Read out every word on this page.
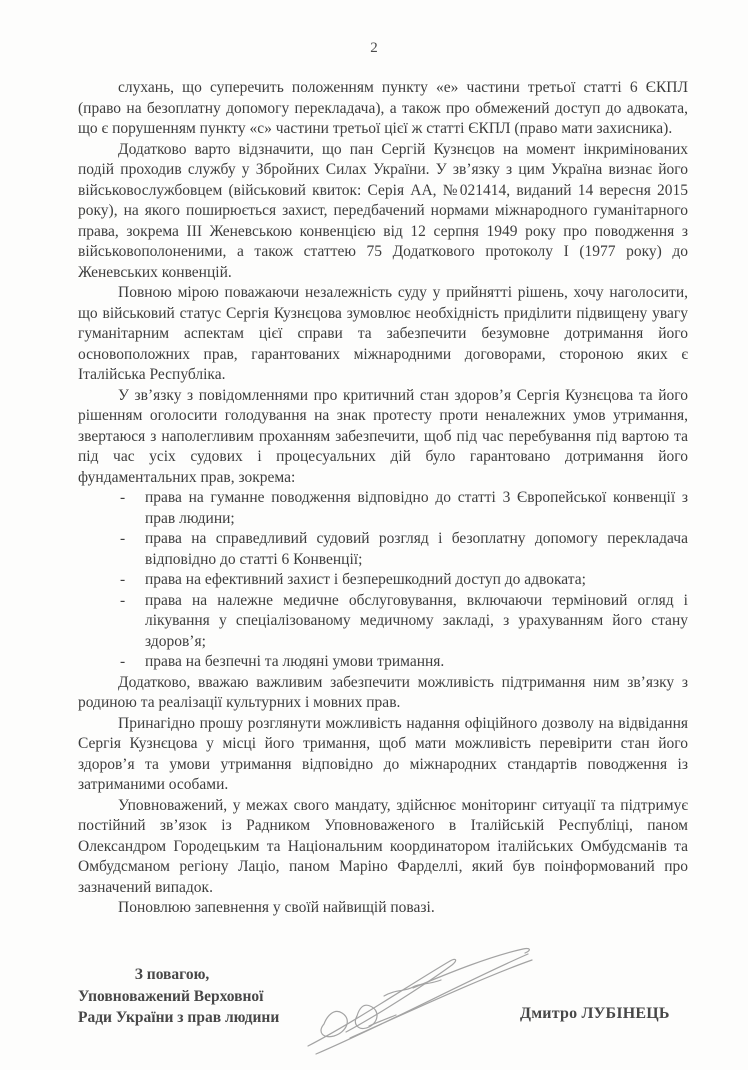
2

слухань, що суперечить положенням пункту «е» частини третьої статті 6 ЄКПЛ (право на безоплатну допомогу перекладача), а також про обмежений доступ до адвоката, що є порушенням пункту «с» частини третьої цієї ж статті ЄКПЛ (право мати захисника).

Додатково варто відзначити, що пан Сергій Кузнєцов на момент інкримінованих подій проходив службу у Збройних Силах України. У зв’язку з цим Україна визнає його військовослужбовцем (військовий квиток: Серія АА, №021414, виданий 14 вересня 2015 року), на якого поширюється захист, передбачений нормами міжнародного гуманітарного права, зокрема ІІІ Женевською конвенцією від 12 серпня 1949 року про поводження з військовополоненими, а також статтею 75 Додаткового протоколу І (1977 року) до Женевських конвенцій.

Повною мірою поважаючи незалежність суду у прийнятті рішень, хочу наголосити, що військовий статус Сергія Кузнєцова зумовлює необхідність приділити підвищену увагу гуманітарним аспектам цієї справи та забезпечити безумовне дотримання його основоположних прав, гарантованих міжнародними договорами, стороною яких є Італійська Республіка.

У зв’язку з повідомленнями про критичний стан здоров’я Сергія Кузнєцова та його рішенням оголосити голодування на знак протесту проти неналежних умов утримання, звертаюся з наполегливим проханням забезпечити, щоб під час перебування під вартою та під час усіх судових і процесуальних дій було гарантовано дотримання його фундаментальних прав, зокрема:

-	права на гуманне поводження відповідно до статті 3 Європейської конвенції з прав людини;
-	права на справедливий судовий розгляд і безоплатну допомогу перекладача відповідно до статті 6 Конвенції;
-	права на ефективний захист і безперешкодний доступ до адвоката;
-	права на належне медичне обслуговування, включаючи терміновий огляд і лікування у спеціалізованому медичному закладі, з урахуванням його стану здоров’я;
-	права на безпечні та людяні умови тримання.

Додатково, вважаю важливим забезпечити можливість підтримання ним зв’язку з родиною та реалізації культурних і мовних прав.

Принагідно прошу розглянути можливість надання офіційного дозволу на відвідання Сергія Кузнєцова у місці його тримання, щоб мати можливість перевірити стан його здоров’я та умови утримання відповідно до міжнародних стандартів поводження із затриманими особами.

Уповноважений, у межах свого мандату, здійснює моніторинг ситуації та підтримує постійний зв’язок із Радником Уповноваженого в Італійській Республіці, паном Олександром Городецьким та Національним координатором італійських Омбудсманів та Омбудсманом регіону Лаціо, паном Маріно Фарделлі, який був поінформований про зазначений випадок.

Поновлюю запевнення у своїй найвищій повазі.

З повагою,
Уповноважений Верховної
Ради України з прав людини	Дмитро ЛУБІНЕЦЬ
